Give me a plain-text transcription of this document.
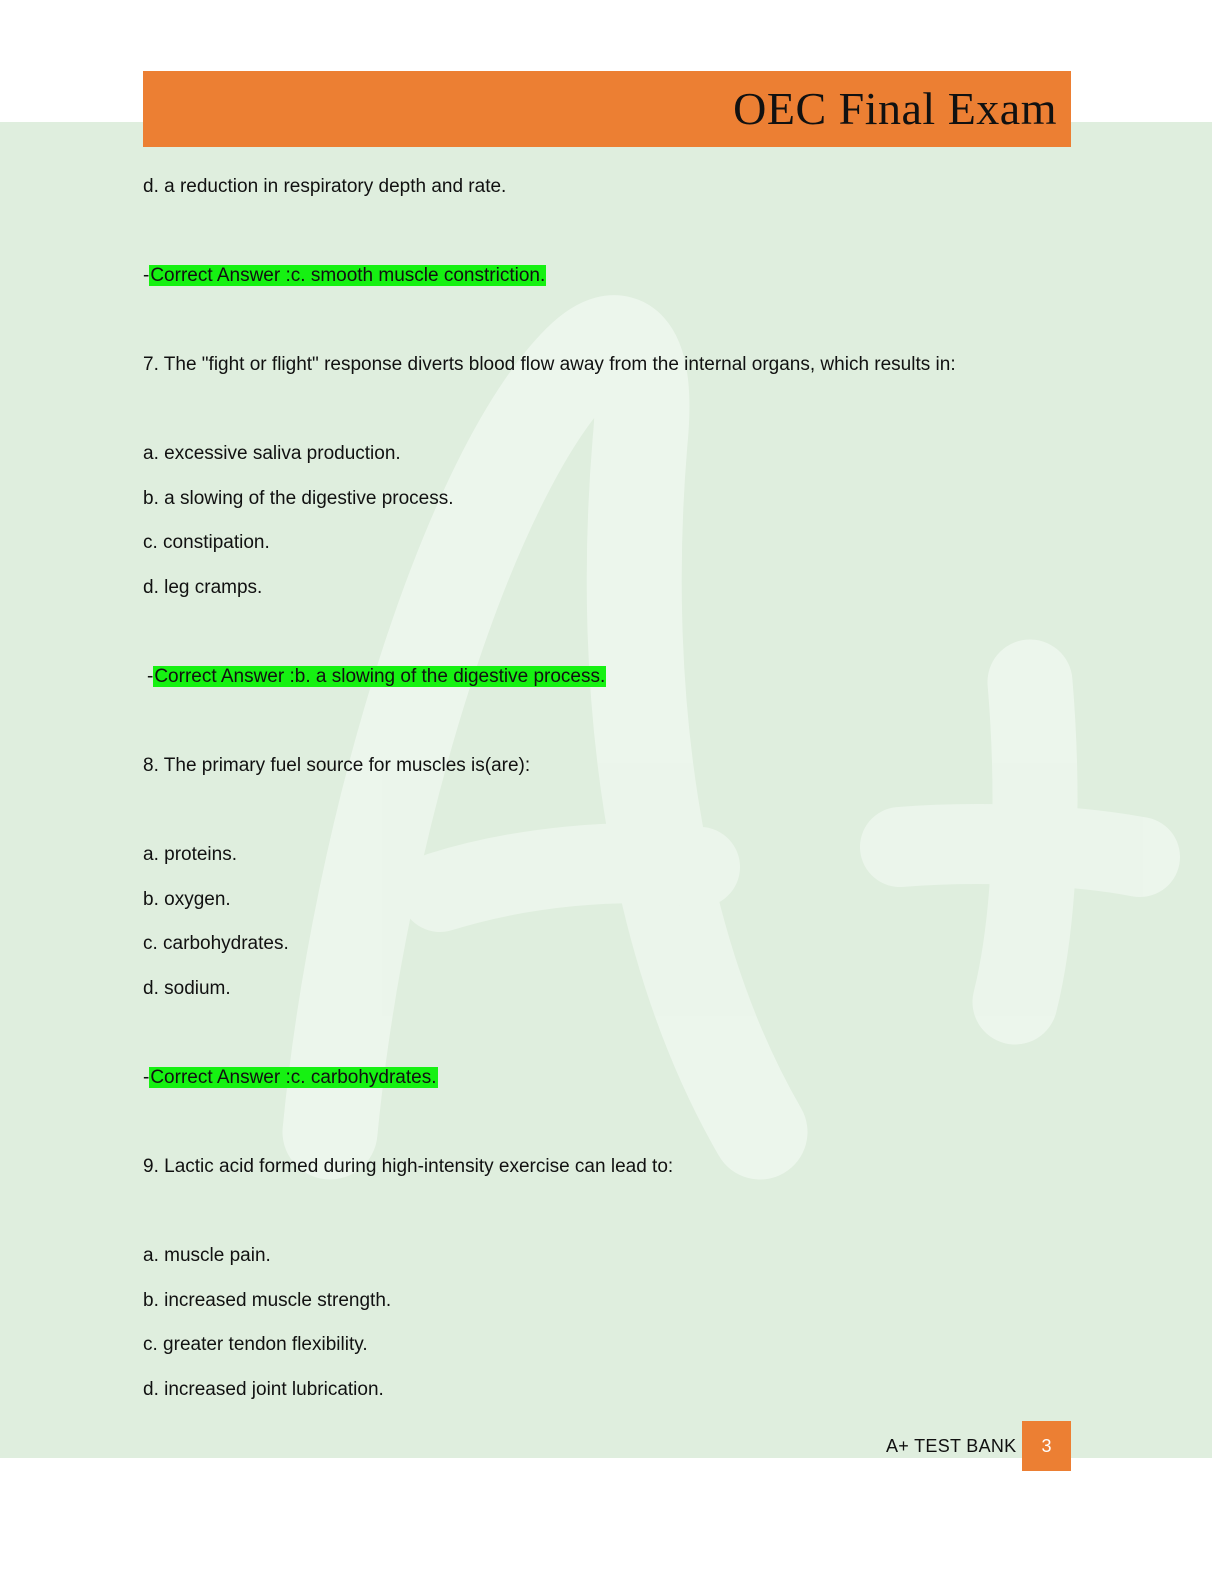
OEC Final Exam
d. a reduction in respiratory depth and rate.
-Correct Answer :c. smooth muscle constriction.
7. The "fight or flight" response diverts blood flow away from the internal organs, which results in:
a. excessive saliva production.
b. a slowing of the digestive process.
c. constipation.
d. leg cramps.
-Correct Answer :b. a slowing of the digestive process.
8. The primary fuel source for muscles is(are):
a. proteins.
b. oxygen.
c. carbohydrates.
d. sodium.
-Correct Answer :c. carbohydrates.
9. Lactic acid formed during high-intensity exercise can lead to:
a. muscle pain.
b. increased muscle strength.
c. greater tendon flexibility.
d. increased joint lubrication.
A+ TEST BANK	3
